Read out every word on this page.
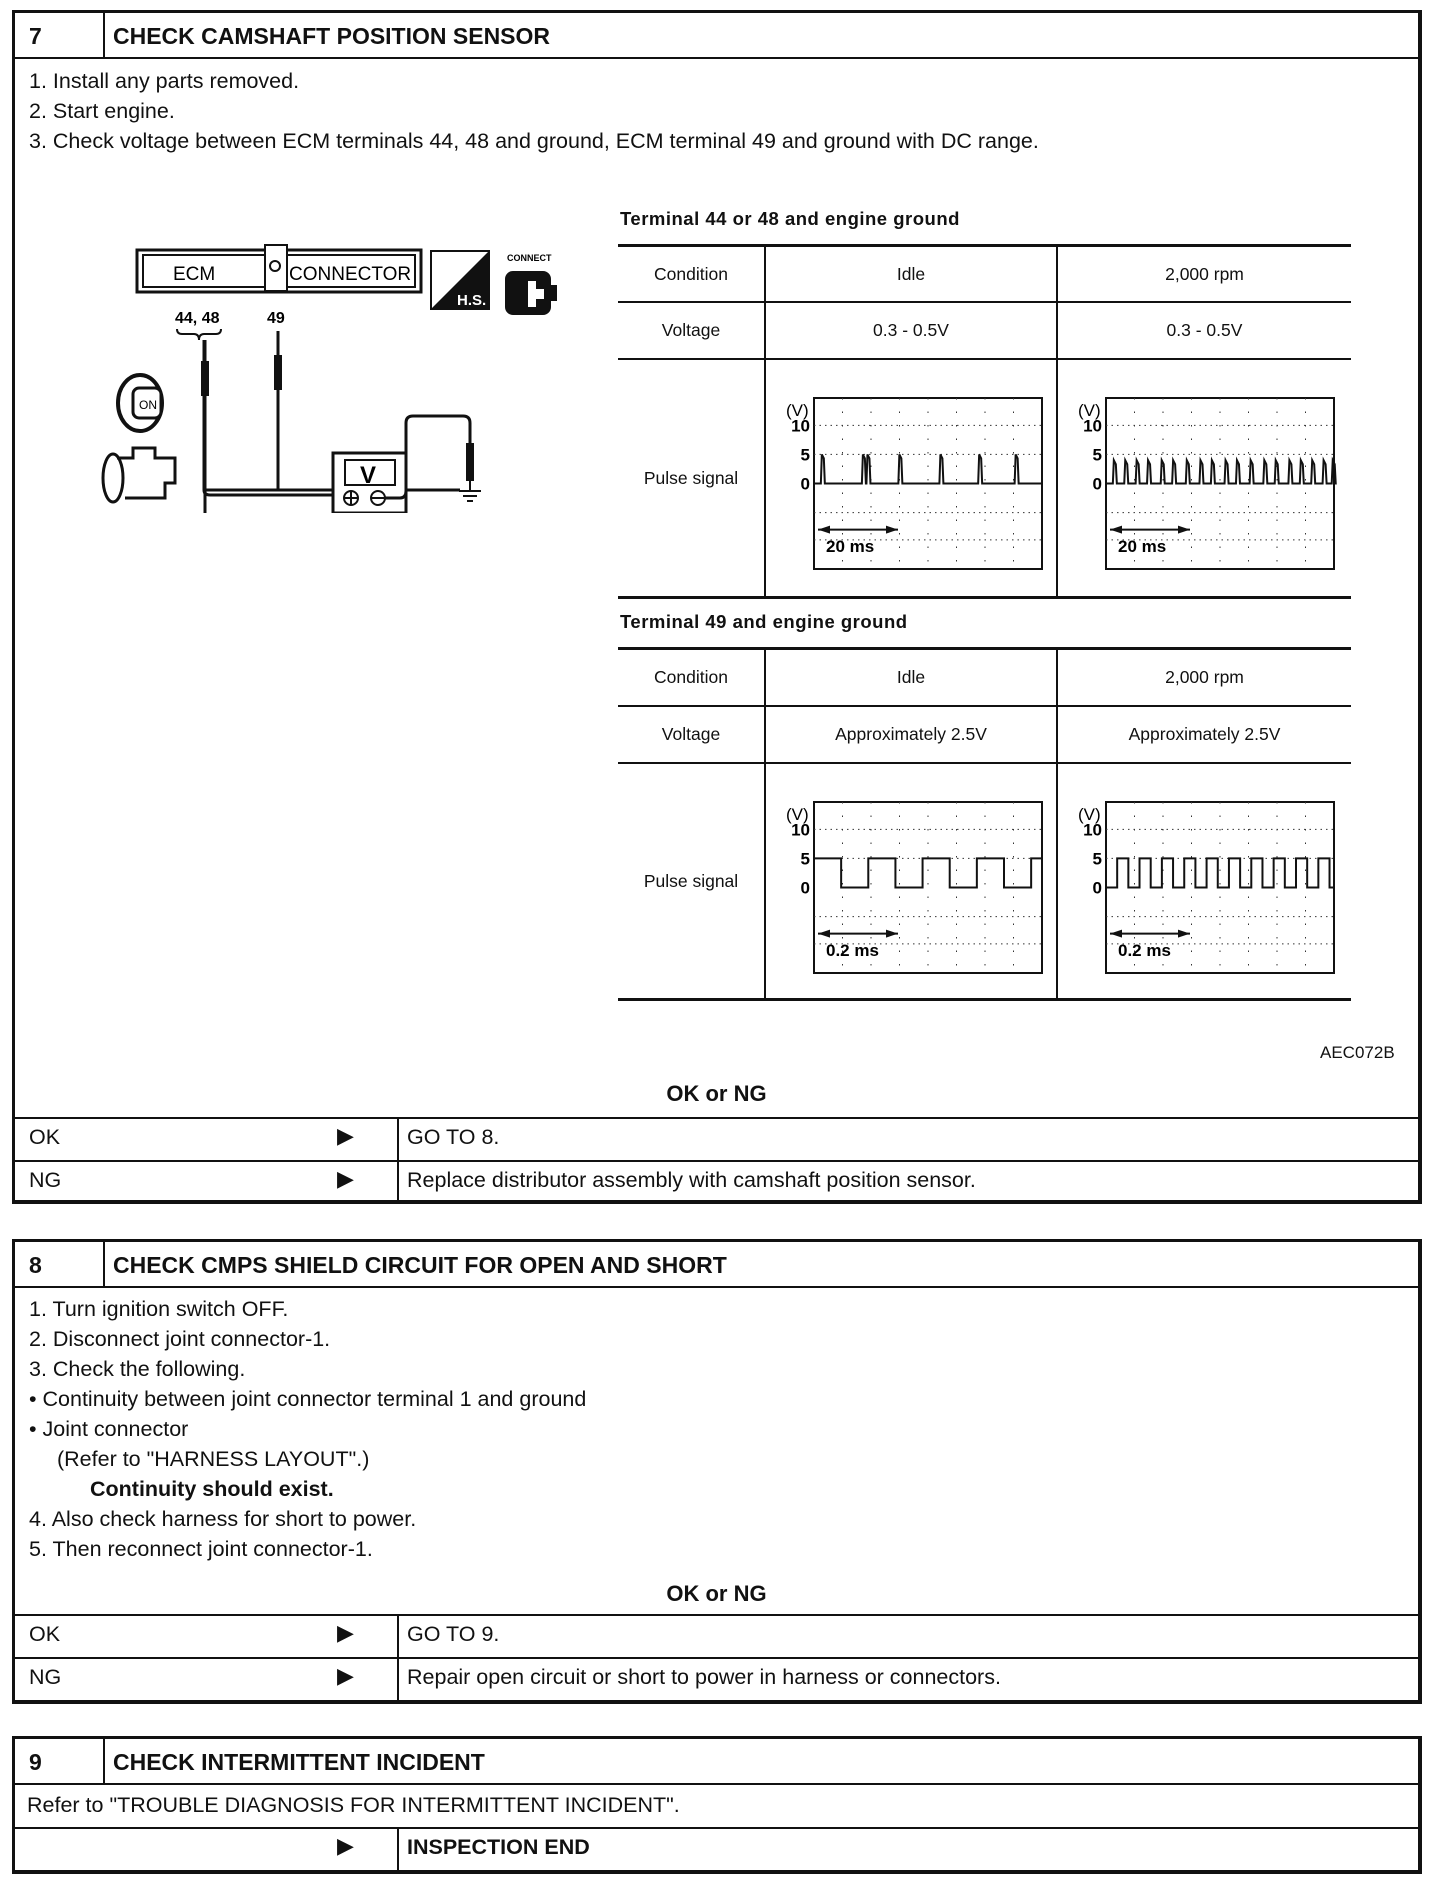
7	CHECK CAMSHAFT POSITION SENSOR
1. Install any parts removed.
2. Start engine.
3. Check voltage between ECM terminals 44, 48 and ground, ECM terminal 49 and ground with DC range.
ECM	CONNECTOR
44, 48	49
V
ON
H.S.
CONNECT
Terminal 44 or 48 and engine ground
Condition	Idle	2,000 rpm
Voltage	0.3 - 0.5V	0.3 - 0.5V
Pulse signal
(V)
10
5
0
20 ms
(V)
10
5
0
20 ms
Terminal 49 and engine ground
Condition	Idle	2,000 rpm
Voltage	Approximately 2.5V	Approximately 2.5V
Pulse signal
(V)
10
5
0
0.2 ms
(V)
10
5
0
0.2 ms
AEC072B
OK or NG
OK	▶	GO TO 8.
NG	▶	Replace distributor assembly with camshaft position sensor.
8	CHECK CMPS SHIELD CIRCUIT FOR OPEN AND SHORT
1. Turn ignition switch OFF.
2. Disconnect joint connector-1.
3. Check the following.
• Continuity between joint connector terminal 1 and ground
• Joint connector
(Refer to "HARNESS LAYOUT".)
Continuity should exist.
4. Also check harness for short to power.
5. Then reconnect joint connector-1.
OK or NG
OK	▶	GO TO 9.
NG	▶	Repair open circuit or short to power in harness or connectors.
9	CHECK INTERMITTENT INCIDENT
Refer to "TROUBLE DIAGNOSIS FOR INTERMITTENT INCIDENT".
▶	INSPECTION END
